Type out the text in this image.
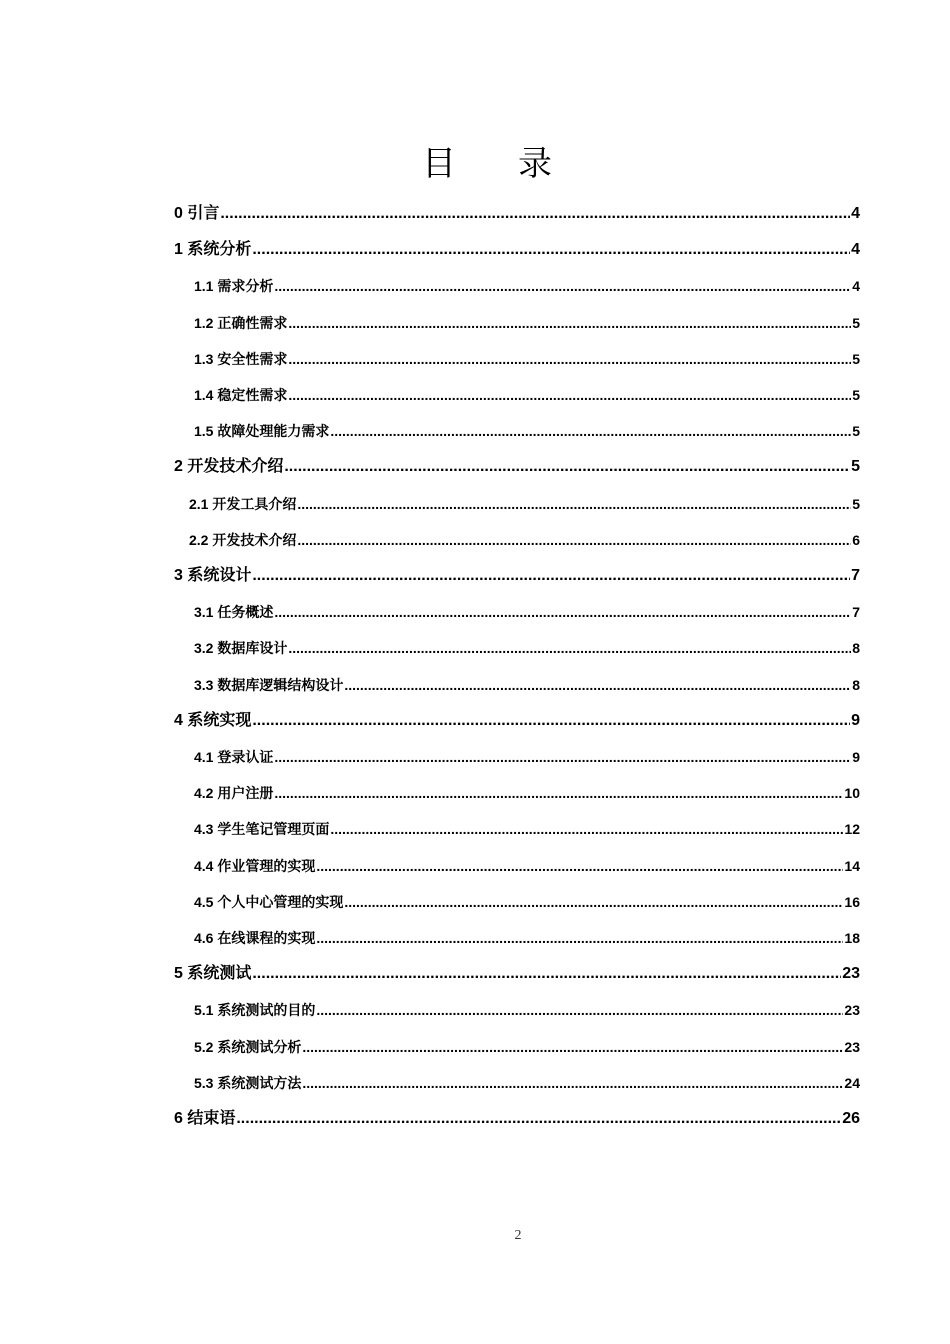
目录
0 引言 .....	4
1 系统分析 .....	4
1.1 需求分析 .....	4
1.2 正确性需求 .....	5
1.3 安全性需求 .....	5
1.4 稳定性需求 .....	5
1.5 故障处理能力需求 .....	5
2 开发技术介绍 .....	5
2.1 开发工具介绍 .....	5
2.2 开发技术介绍 .....	6
3 系统设计 .....	7
3.1 任务概述 .....	7
3.2 数据库设计 .....	8
3.3 数据库逻辑结构设计 .....	8
4 系统实现 .....	9
4.1 登录认证 .....	9
4.2 用户注册 .....	10
4.3 学生笔记管理页面 .....	12
4.4 作业管理的实现 .....	14
4.5 个人中心管理的实现 .....	16
4.6 在线课程的实现 .....	18
5 系统测试 .....	23
5.1 系统测试的目的 .....	23
5.2 系统测试分析 .....	23
5.3 系统测试方法 .....	24
6 结束语 .....	26
2
